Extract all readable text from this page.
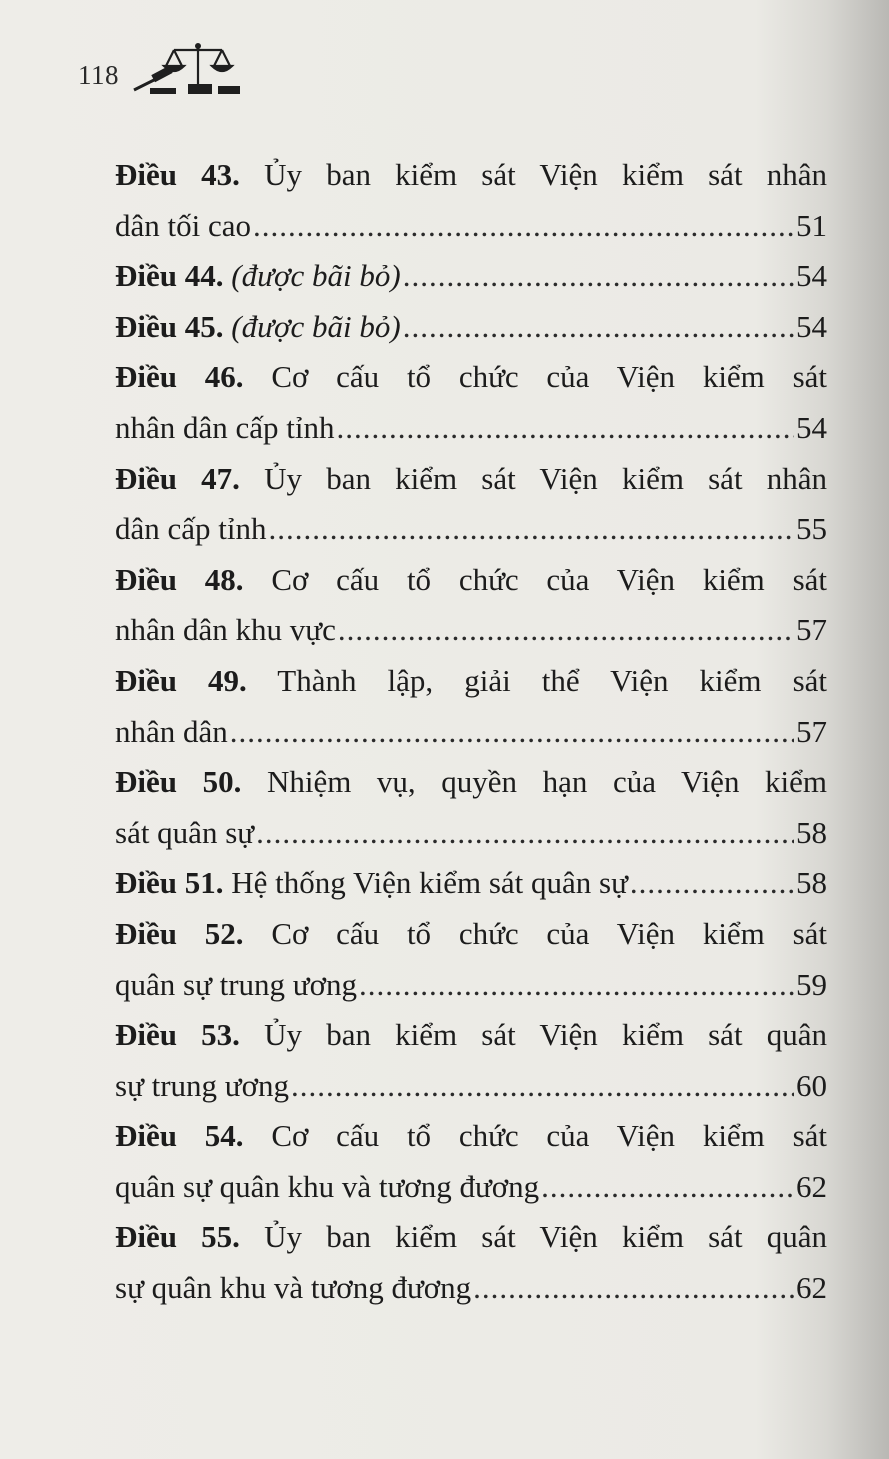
118
Điều 43. Ủy ban kiểm sát Viện kiểm sát nhân
dân tối cao .....	51
Điều 44. (được bãi bỏ) .....	54
Điều 45. (được bãi bỏ) .....	54
Điều 46. Cơ cấu tổ chức của Viện kiểm sát
nhân dân cấp tỉnh .....	54
Điều 47. Ủy ban kiểm sát Viện kiểm sát nhân
dân cấp tỉnh .....	55
Điều 48. Cơ cấu tổ chức của Viện kiểm sát
nhân dân khu vực .....	57
Điều 49. Thành lập, giải thể Viện kiểm sát
nhân dân .....	57
Điều 50. Nhiệm vụ, quyền hạn của Viện kiểm
sát quân sự .....	58
Điều 51. Hệ thống Viện kiểm sát quân sự .....	58
Điều 52. Cơ cấu tổ chức của Viện kiểm sát
quân sự trung ương .....	59
Điều 53. Ủy ban kiểm sát Viện kiểm sát quân
sự trung ương .....	60
Điều 54. Cơ cấu tổ chức của Viện kiểm sát
quân sự quân khu và tương đương .....	62
Điều 55. Ủy ban kiểm sát Viện kiểm sát quân
sự quân khu và tương đương .....	62
